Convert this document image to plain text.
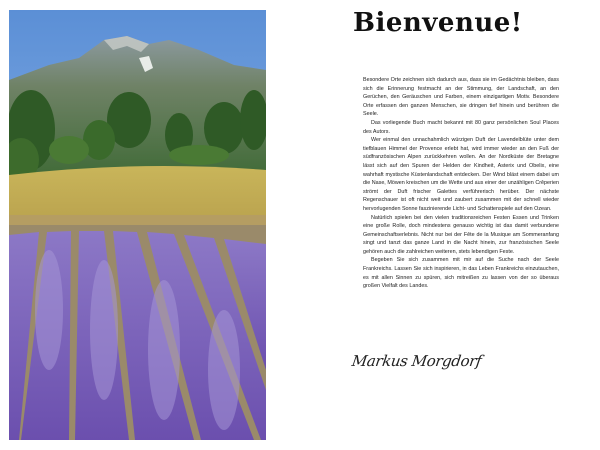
Bienvenue!

Besondere Orte zeichnen sich dadurch aus, dass sie im Gedächtnis bleiben, dass sich die Erinnerung festmacht an der Stimmung, der Landschaft, an den Gerüchen, den Geräuschen und Farben, einem einzigartigen Motiv. Besondere Orte erfassen den ganzen Menschen, sie dringen tief hinein und berühren die Seele.

Das vorliegende Buch macht bekannt mit 80 ganz persönlichen Soul Places des Autors.

Wer einmal den unnachahmlich würzigen Duft der Lavendelblüte unter dem tiefblauen Himmel der Provence erlebt hat, wird immer wieder an den Fuß der südfranzösischen Alpen zurückkehren wollen. An der Nordküste der Bretagne lässt sich auf den Spuren der Helden der Kindheit, Asterix und Obelix, eine wahrhaft mystische Küstenlandschaft entdecken. Der Wind bläst einem dabei um die Nase, Möwen kreischen um die Wette und aus einer der unzähligen Crêperien strömt der Duft frischer Galettes verführerisch herüber. Der nächste Regenschauer ist oft nicht weit und zaubert zusammen mit der schnell wieder hervorlugenden Sonne faszinierende Licht- und Schattenspiele auf den Ozean.

Natürlich spielen bei den vielen traditionsreichen Festen Essen und Trinken eine große Rolle, doch mindestens genauso wichtig ist das damit verbundene Gemeinschaftserlebnis. Nicht nur bei der Fête de la Musique am Sommeranfang singt und tanzt das ganze Land in die Nacht hinein, zur französischen Seele gehören auch die zahlreichen weiteren, stets lebendigen Feste.

Begeben Sie sich zusammen mit mir auf die Suche nach der Seele Frankreichs. Lassen Sie sich inspirieren, in das Leben Frankreichs einzutauchen, es mit allen Sinnen zu spüren, sich mitreißen zu lassen von der so überaus großen Vielfalt des Landes.

Markus Morgdorf
